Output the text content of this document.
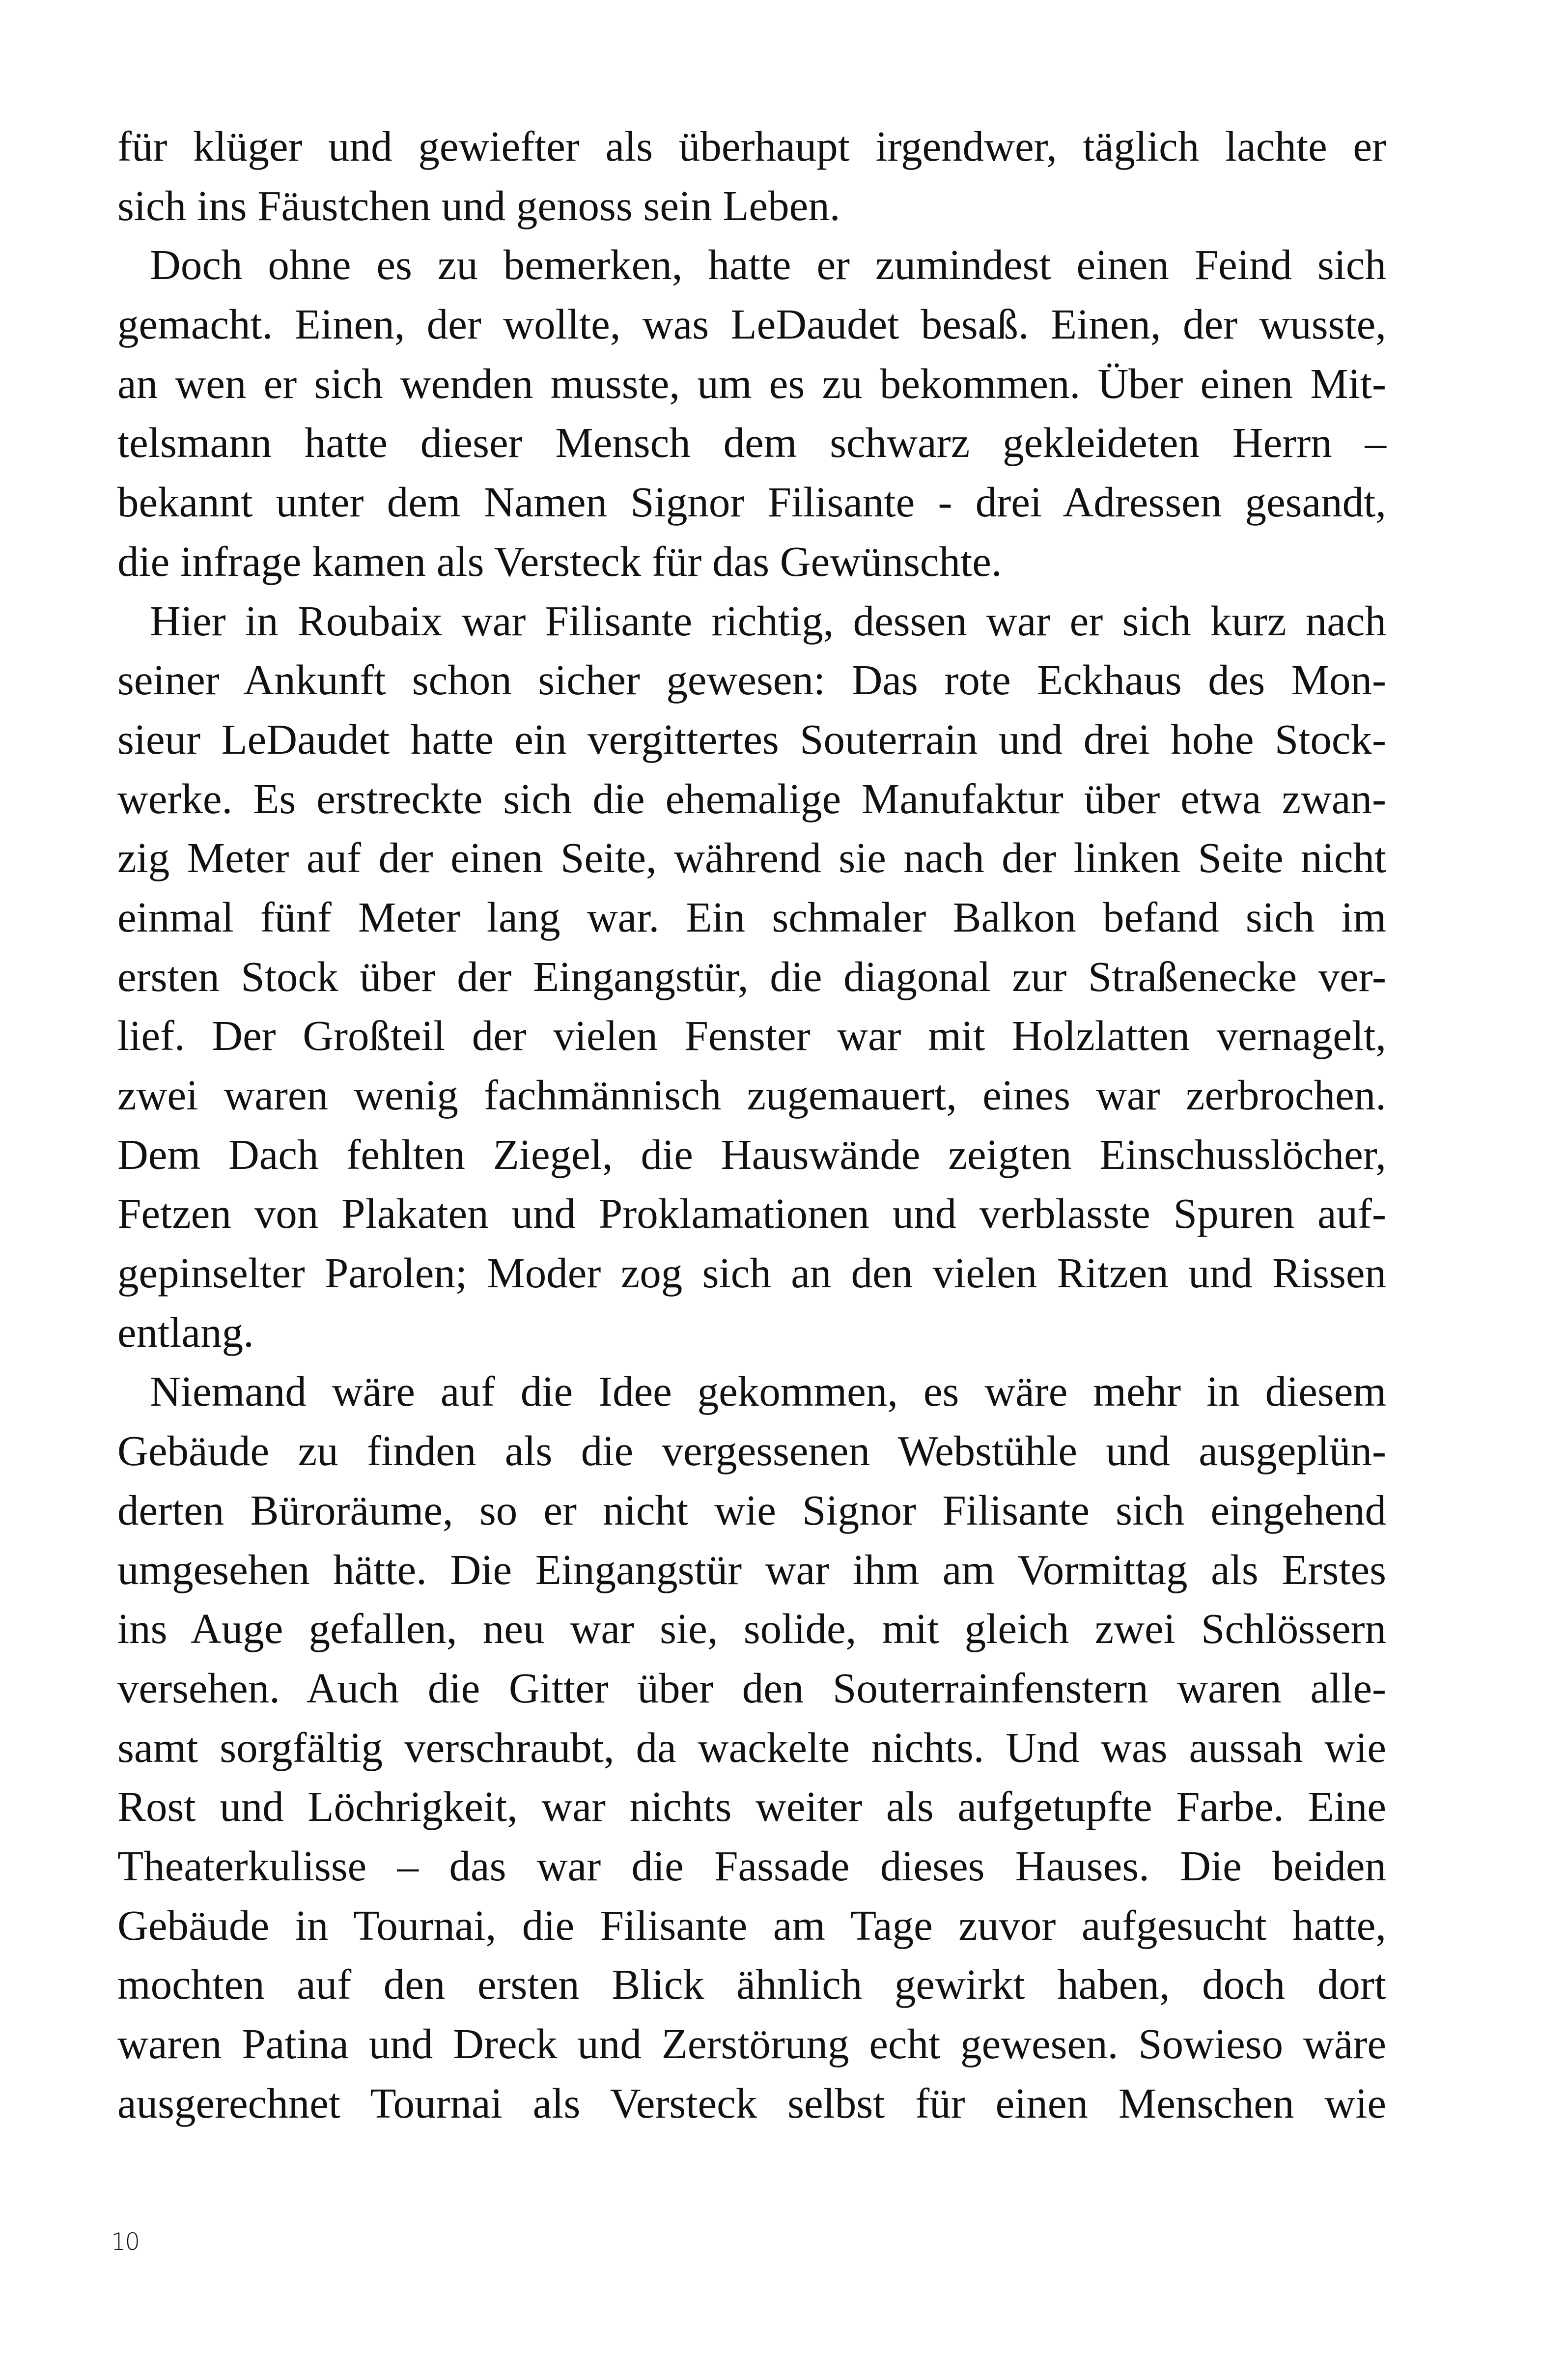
für klüger und gewiefter als überhaupt irgendwer, täglich lachte er
sich ins Fäustchen und genoss sein Leben.
Doch ohne es zu bemerken, hatte er zumindest einen Feind sich
gemacht. Einen, der wollte, was LeDaudet besaß. Einen, der wusste,
an wen er sich wenden musste, um es zu bekommen. Über einen Mit-
telsmann hatte dieser Mensch dem schwarz gekleideten Herrn –
bekannt unter dem Namen Signor Filisante - drei Adressen gesandt,
die infrage kamen als Versteck für das Gewünschte.
Hier in Roubaix war Filisante richtig, dessen war er sich kurz nach
seiner Ankunft schon sicher gewesen: Das rote Eckhaus des Mon-
sieur LeDaudet hatte ein vergittertes Souterrain und drei hohe Stock-
werke. Es erstreckte sich die ehemalige Manufaktur über etwa zwan-
zig Meter auf der einen Seite, während sie nach der linken Seite nicht
einmal fünf Meter lang war. Ein schmaler Balkon befand sich im
ersten Stock über der Eingangstür, die diagonal zur Straßenecke ver-
lief. Der Großteil der vielen Fenster war mit Holzlatten vernagelt,
zwei waren wenig fachmännisch zugemauert, eines war zerbrochen.
Dem Dach fehlten Ziegel, die Hauswände zeigten Einschusslöcher,
Fetzen von Plakaten und Proklamationen und verblasste Spuren auf-
gepinselter Parolen; Moder zog sich an den vielen Ritzen und Rissen
entlang.
Niemand wäre auf die Idee gekommen, es wäre mehr in diesem
Gebäude zu finden als die vergessenen Webstühle und ausgeplün-
derten Büroräume, so er nicht wie Signor Filisante sich eingehend
umgesehen hätte. Die Eingangstür war ihm am Vormittag als Erstes
ins Auge gefallen, neu war sie, solide, mit gleich zwei Schlössern
versehen. Auch die Gitter über den Souterrainfenstern waren alle-
samt sorgfältig verschraubt, da wackelte nichts. Und was aussah wie
Rost und Löchrigkeit, war nichts weiter als aufgetupfte Farbe. Eine
Theaterkulisse – das war die Fassade dieses Hauses. Die beiden
Gebäude in Tournai, die Filisante am Tage zuvor aufgesucht hatte,
mochten auf den ersten Blick ähnlich gewirkt haben, doch dort
waren Patina und Dreck und Zerstörung echt gewesen. Sowieso wäre
ausgerechnet Tournai als Versteck selbst für einen Menschen wie
10
